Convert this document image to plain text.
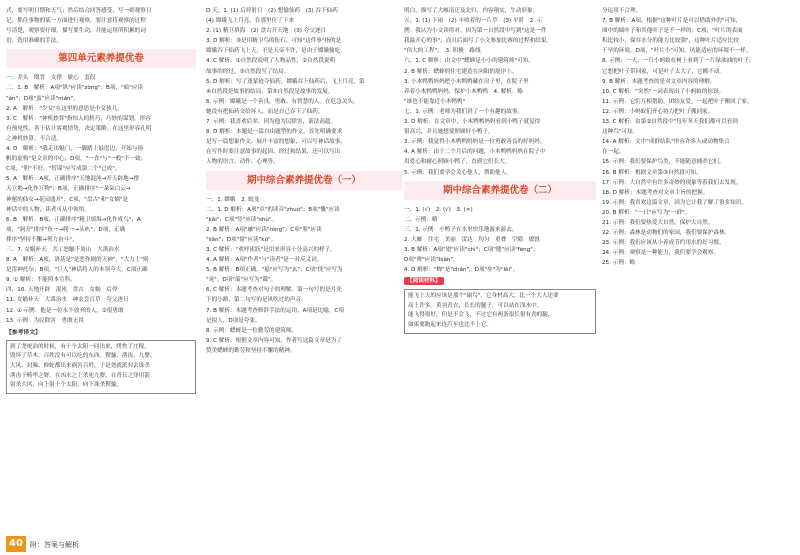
式，要写明日期和天气；然后结合回答感受，写一则观察日

记。抓住事物的某一方面进行观察，要注意将观察的过程

写清楚，观察要仔细，描写要生动，并能运用所积累的词

语，选用准确的手法。

第四单元素养提优卷

一、井头　缀背　支撑　敏心　套段

二、1. B　解析：A项"纵"应读"zòng"；B项，"暗"应读

"àn"；D项"蛮"应读"mán"。

2. A　解析："少女"在这里的意思是小女孩儿。

3. C　解析："神机妙算"指惊人的机巧，巧妙的谋划，形容

有预见性、善于估计客观情势，决定策略。在这里形容孔明

之神机妙算，不合适。

4. D　解析："我走出魁门，一脚踏上悬崖边，开始与扬

帆的虚构"是文章的中心；D项，"一直"与"一般"不一致；

C项，"胆"不好，"智谋"应写成第二个"已成"。

5. A　解析：A项，正确排序"天地混沌→开天辟地→撑

天立地→化作万物"；B项，正确排序"一朵朵白云→

神秘的仙女→花园盛开"；C项，"盘古"和"女娲"是

神话中的人物，读者可从中领悟。

6. B　解析：B项，正确排序"精卫填海→化作成鸟"；A

项，"洞开"排序"鱼一→爬一→头叭"；D项，正确

排序"坚持不懈→努力奋斗"。

三、7. 女娲补天　共工怒触不周山　大禹治水

8. A　解析：A项，洛基是"是恶作剧的天神"，"大力士"则

是雷神托尔；B项，"巨人"神话将人的本领夸大，C项正确

9. ① 解析：不能照本宣科。

四、10. 天地开辟　混沌　盘古　女娲　后羿

11. 女娲补天　大禹治水　神农尝百草　夸父逐日

12. ① 示例：他是一位永不放弃的人。②很勇敢

13. 示例：为民除害　勇敢无畏

【参考译文】

到了尧统治的时候，有十个太阳一同出来，烤焦了庄稼，

毁坏了草木，百姓没有可以吃的东西。猰貐、凿齿、九婴、

大风、封豨、修蛇都出来祸害百姓。于是尧就派羿去诛杀

凿齿于畴华之野，在凶水之上杀死九婴，在青丘之泽用箭

射杀大风，向上射十个太阳，向下诛杀猰貐。

D 天，1. (1) 后羿射日　(2) 想偷仙药　(3) 吞下仙药

(4) 嫦娥飞上月亮，在那里住了下来

2. (1) 精卫填海　(2) 盘古开天地　(3) 夸父逐日

3. D 解析：③是用精卫鸟的衔石，可知"这件事"指的是

嫦娥吞下仙药飞上天，不是天帝不许，是由于嫦娥偷吃

4. C 解析：①自然段说明了人物品性，②自然段说明

故事的经过，③自然段写了结局。

5. D 解析：写了逢蒙抢夺仙药，嫦娥吞下仙药后，飞上月亮，第

④自然段是故事的结局，第⑤自然段是故事的发展。

6. 示例：嫦娥是一个善良、勇敢、有智慧的人。在危急关头，

她没有把仙药交给坏人，而是自己吞下了仙药。

7. 示例：我喜欢后羿，因为他为民除害，箭法高超。

8. D 解析：本题是一篇自由题型的作文，首先明确要求

是写一篇想象作文，展开丰富的想象，可以写神话故事。

在写作时要注意故事的起因、经过和结果，还可以写出

人物的语言、动作、心理等。

期中综合素养提优卷（一）

一、1. 嫦娥　2. 蛟龙

二、1. D 解析：A项"卓"的读音"zhuó"；B项"慨"应读

"kǎi"；C项"竖"应读"shù"。

2. B 解析：A项"融"应读"róng"；C项"脸"应读

"liǎn"；D项"窟"应读"kū"。

3. C 解析："欢呼雀跃"是用来形容十分高兴的样子。

4. A 解析：A项"作者"与"读者"是一对反义词。

5. B 解析：B项正确，"悬"应写为"玄"；C项"恍"应写为

"晃"；D项"蔼"应写为"霭"。

6. C 解析：本题考查对句子的理解。第一句写的是月光

下的小路，第二句写的是风吹过的声音。

7. B 解析：本题考查修辞手法的运用。A项是比喻，C项

是拟人，D项是夸张。

8. 示例：蟋蟀是一位勤劳的建筑师。

9. C 解析：根据文章内容可知，作者写这篇文章是为了

赞美蟋蟀的勤劳和坚持不懈的精神。

明白，描写了大雁南迁及北归，内容翔实，生动形象。

五、1. (1) 下雨　(2) 丰收着的一片草　(3) 平时　2. 示

例：我认为小文读得对，因为第一自然段中写到"这是一件

我最开心的事"，而且后面写了小文参加比赛的过程和结果。

"伟大的工程"。　3. 积极　路线

六、1. C 解析：由文中"蟋蟀是小小的建筑师"可知。

2. B 解析：蟋蟀的住宅建造在向阳的堤岸上。

3. 小木鸭鸭妈妈把小木鸭鸭藏在房子里，在院子里

养着小木鸭鸭妈妈，保护小木鸭鸭　4. 解析：略

"谁也不能靠近小木鸭鸭"

七、1. 示例：老师为我们讲了一个有趣的故事。

2. D 解析：在文章中，小木鸭鸭妈妈看到小鸭子就觉得

很高兴，并且她想要照顾好小鸭子。

3. 示例：我觉得小木鸭鸭妈妈是一位勇敢善良的好妈妈。

4. A 解析：由于二个月后的问题，小木鸭鸭妈妈在院子中

用爱心和耐心照顾小鸭子，直到它们长大。

5. 示例：我们要学会关心他人，帮助他人。

期中综合素养提优卷（二）

一、1. (√)　2. (√)　3. (×)

二、示例：略

三、1. 示例：小鸭子在水里快乐地游来游去。

2. 大雁　住宅　美丽　雷达　均匀　重叠　空隙　敏锐

3. B 解析：A项"翅"应读"chì"；C项"缝"应读"fèng"；

D项"辨"应读"biàn"。

4. D 解析："蝉"是"chán"，D项"垒"为"lěi"。

【阅读材料】

能飞上天的应该是那个"硕鸟"，它身材高大，比一个大人还要

高上许多。黄羽青衣，长长的腿子，可以站在浅水中。

能飞得很好，但是不会飞，不过它有两条很长很有劲的腿，

如果要跑起来连汽车也比不上它。

分运用不合理。

7. B 解析：A项，根据"这种叶片是可以借助外的"可知，

图中的圆叶子和其他叶子是不一样的；C项，"叶片的表面

积比较小，保存水分的能力比较强"，这种叶片适应比较

干旱的环境。D项，"叶片小"可知，风能适应的环境不一样。

8. 示例：一天，一只小蚂蚁在树上看到了一片绿油油的叶子，

它想把叶子带回家，可是叶子太大了，它搬不动。

9. B 解析：本题考查的是对文章内容的理解。

10. C 解析："突然"一词表现出了小蚂蚁的惊讶。

11. 示例：它们互相帮助，团结友爱，一起把叶子搬回了家。

12. 示例：小蚂蚁们齐心协力把叶子搬回家。

13. C 解析：由第②自然段中"每年冬天我们都可以看到

这种鸟"可知。

14. A 解析：文中"成群结队"形容许多人或动物集合

在一起。

15. 示例：我们要保护鸟类，不能随意捕杀它们。

16. B 解析：根据文章第③自然段可知。

17. 示例：大自然中有许多奇妙的现象等着我们去发现。

18. D 解析：本题考查对文章主旨的把握。

19. 示例：我喜欢这篇文章，因为它让我了解了很多知识。

20. B 解析："一只"应写为"一群"。

21. 示例：我们要热爱大自然，保护大自然。

22. 示例：森林是动物们的家园，我们要保护森林。

23. 示例：我们应该从小养成节约用水的好习惯。

24. 示例：观察是一种能力，我们要学会观察。

25. 示例：略

40	附：答案与解析
